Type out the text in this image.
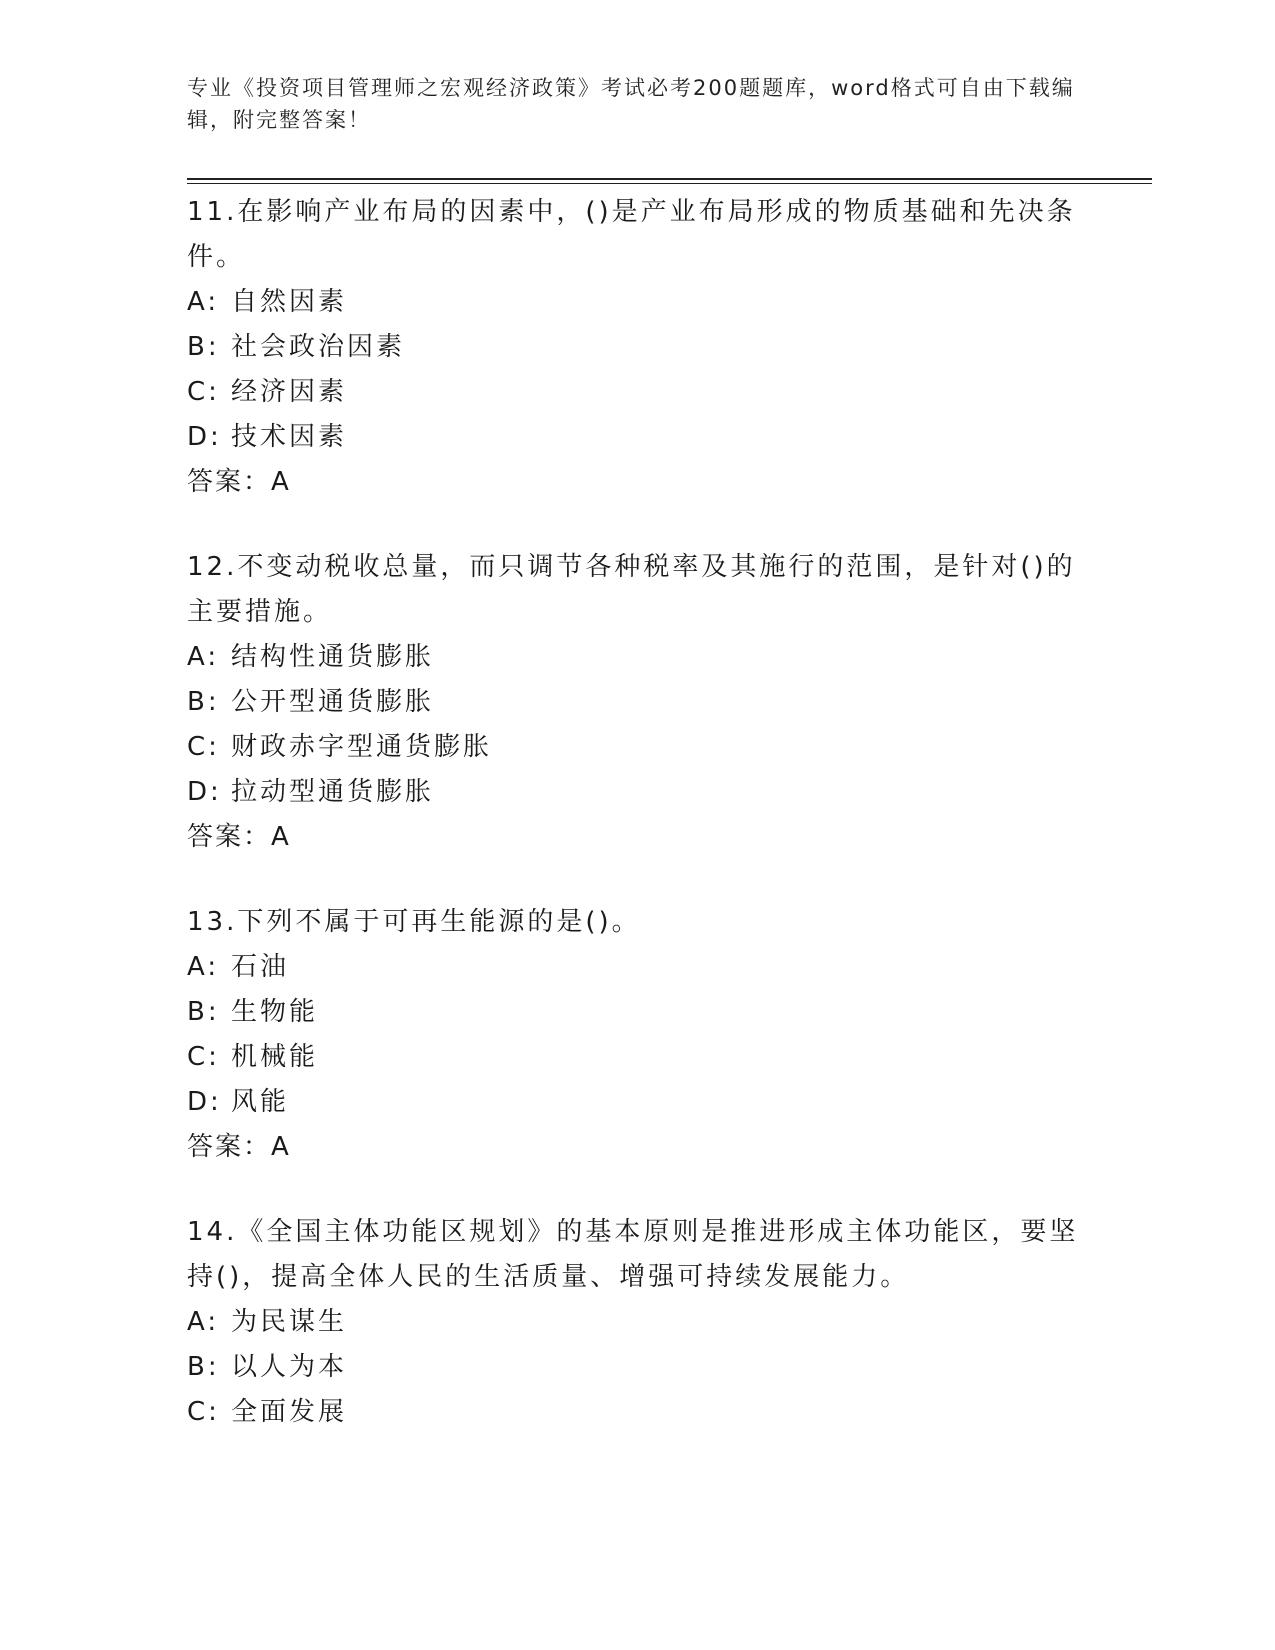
专业《投资项目管理师之宏观经济政策》考试必考200题题库，word格式可自由下载编辑，附完整答案！
11.在影响产业布局的因素中，()是产业布局形成的物质基础和先决条件。
A: 自然因素
B: 社会政治因素
C: 经济因素
D: 技术因素
答案：A
12.不变动税收总量，而只调节各种税率及其施行的范围，是针对()的主要措施。
A: 结构性通货膨胀
B: 公开型通货膨胀
C: 财政赤字型通货膨胀
D: 拉动型通货膨胀
答案：A
13.下列不属于可再生能源的是()。
A: 石油
B: 生物能
C: 机械能
D: 风能
答案：A
14.《全国主体功能区规划》的基本原则是推进形成主体功能区，要坚持()，提高全体人民的生活质量、增强可持续发展能力。
A: 为民谋生
B: 以人为本
C: 全面发展
